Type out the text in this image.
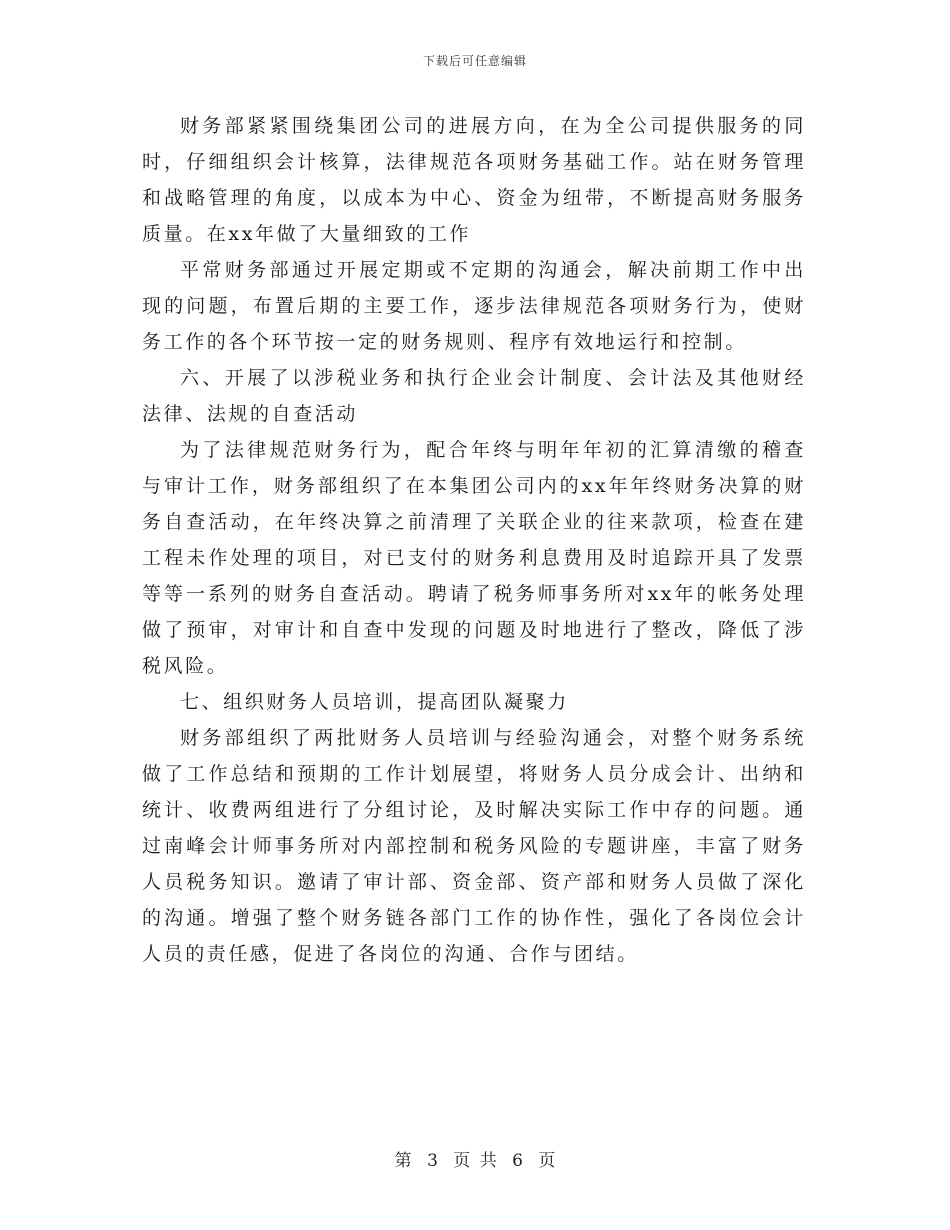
下载后可任意编辑

财务部紧紧围绕集团公司的进展方向，在为全公司提供服务的同时，仔细组织会计核算，法律规范各项财务基础工作。站在财务管理和战略管理的角度，以成本为中心、资金为纽带，不断提高财务服务质量。在xx年做了大量细致的工作

平常财务部通过开展定期或不定期的沟通会，解决前期工作中出现的问题，布置后期的主要工作，逐步法律规范各项财务行为，使财务工作的各个环节按一定的财务规则、程序有效地运行和控制。

六、开展了以涉税业务和执行企业会计制度、会计法及其他财经法律、法规的自查活动

为了法律规范财务行为，配合年终与明年年初的汇算清缴的稽查与审计工作，财务部组织了在本集团公司内的xx年年终财务决算的财务自查活动，在年终决算之前清理了关联企业的往来款项，检查在建工程未作处理的项目，对已支付的财务利息费用及时追踪开具了发票等等一系列的财务自查活动。聘请了税务师事务所对xx年的帐务处理做了预审，对审计和自查中发现的问题及时地进行了整改，降低了涉税风险。

七、组织财务人员培训，提高团队凝聚力

财务部组织了两批财务人员培训与经验沟通会，对整个财务系统做了工作总结和预期的工作计划展望，将财务人员分成会计、出纳和统计、收费两组进行了分组讨论，及时解决实际工作中存的问题。通过南峰会计师事务所对内部控制和税务风险的专题讲座，丰富了财务人员税务知识。邀请了审计部、资金部、资产部和财务人员做了深化的沟通。增强了整个财务链各部门工作的协作性，强化了各岗位会计人员的责任感，促进了各岗位的沟通、合作与团结。

第 3 页 共 6 页
